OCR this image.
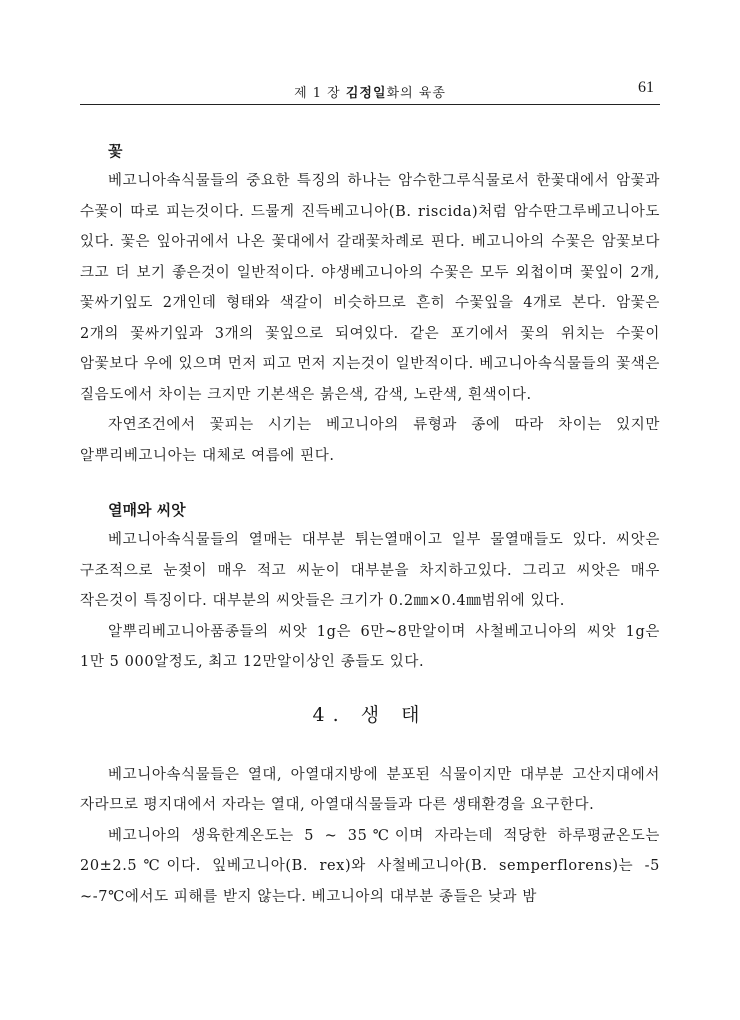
제 1 장 김정일화의 육종	61

꽃

베고니아속식물들의 중요한 특징의 하나는 암수한그루식물로서 한꽃대에서 암꽃과 수꽃이 따로 피는것이다. 드물게 진득베고니아(B. riscida)처럼 암수딴그루베고니아도 있다. 꽃은 잎아귀에서 나온 꽃대에서 갈래꽃차례로 핀다. 베고니아의 수꽃은 암꽃보다 크고 더 보기 좋은것이 일반적이다. 야생베고니아의 수꽃은 모두 외첩이며 꽃잎이 2개, 꽃싸기잎도 2개인데 형태와 색갈이 비슷하므로 흔히 수꽃잎을 4개로 본다. 암꽃은 2개의 꽃싸기잎과 3개의 꽃잎으로 되여있다. 같은 포기에서 꽃의 위치는 수꽃이 암꽃보다 우에 있으며 먼저 피고 먼저 지는것이 일반적이다. 베고니아속식물들의 꽃색은 질음도에서 차이는 크지만 기본색은 붉은색, 감색, 노란색, 흰색이다.

자연조건에서 꽃피는 시기는 베고니아의 류형과 종에 따라 차이는 있지만 알뿌리베고니아는 대체로 여름에 핀다.

열매와 씨앗

베고니아속식물들의 열매는 대부분 튀는열매이고 일부 물열매들도 있다. 씨앗은 구조적으로 눈젖이 매우 적고 씨눈이 대부분을 차지하고있다. 그리고 씨앗은 매우 작은것이 특징이다. 대부분의 씨앗들은 크기가 0.2㎜×0.4㎜범위에 있다.

알뿌리베고니아품종들의 씨앗 1g은 6만~8만알이며 사철베고니아의 씨앗 1g은 1만 5 000알정도, 최고 12만알이상인 종들도 있다.

4. 생 태

베고니아속식물들은 열대, 아열대지방에 분포된 식물이지만 대부분 고산지대에서 자라므로 평지대에서 자라는 열대, 아열대식물들과 다른 생태환경을 요구한다.

베고니아의 생육한계온도는 5 ~ 35℃이며 자라는데 적당한 하루평균온도는 20±2.5℃이다. 잎베고니아(B. rex)와 사철베고니아(B. semperflorens)는 -5 ~-7℃에서도 피해를 받지 않는다. 베고니아의 대부분 종들은 낮과 밤
